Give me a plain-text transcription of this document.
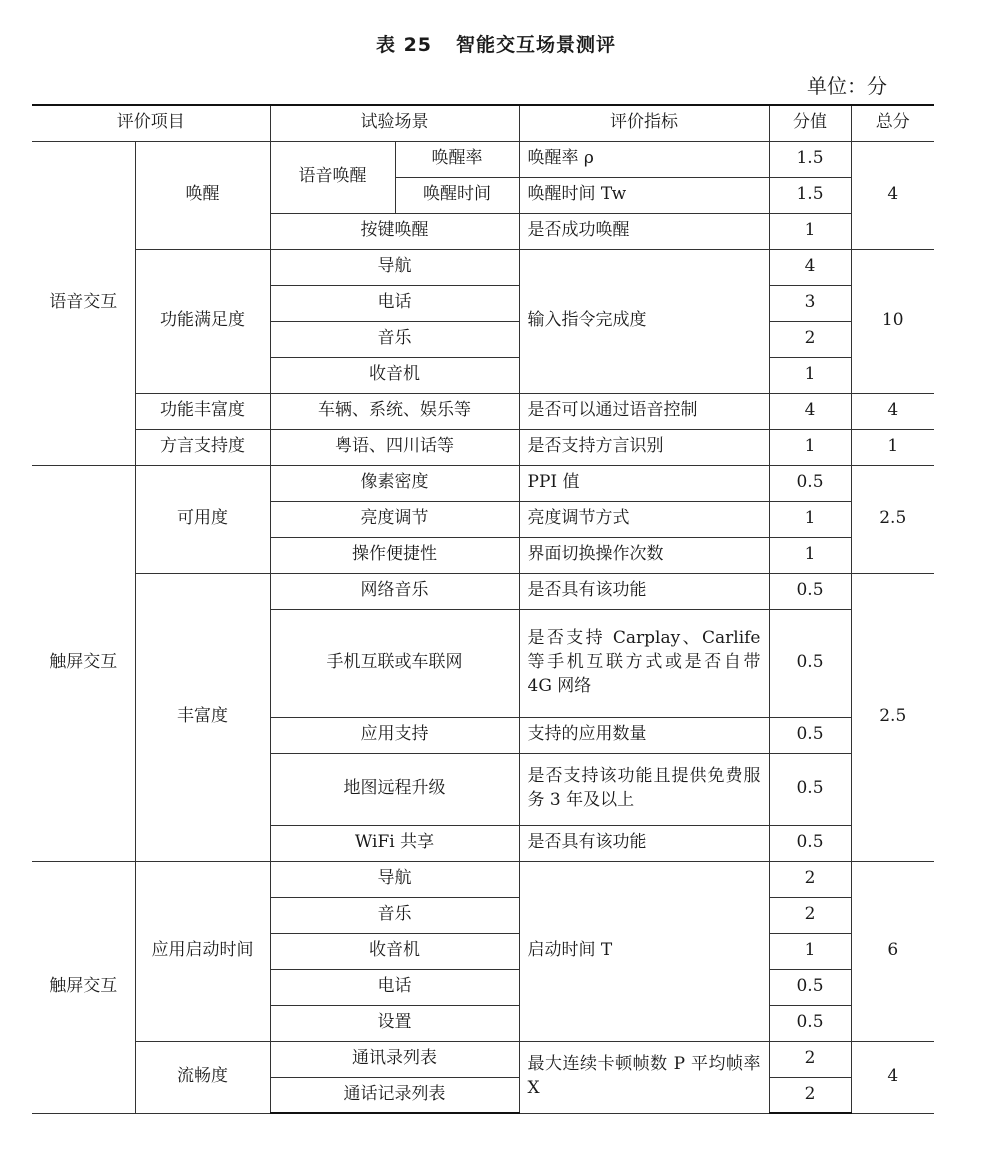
表 25 智能交互场景测评
单位：分
评价项目		试验场景		评价指标	分值	总分
语音交互	唤醒	语音唤醒	唤醒率	唤醒率 ρ	1.5	4
			唤醒时间	唤醒时间 Tw	1.5	
		按键唤醒		是否成功唤醒	1	
	功能满足度	导航		输入指令完成度	4	10
		电话			3	
		音乐			2	
		收音机			1	
	功能丰富度	车辆、系统、娱乐等		是否可以通过语音控制	4	4
	方言支持度	粤语、四川话等		是否支持方言识别	1	1
触屏交互	可用度	像素密度		PPI 值	0.5	2.5
		亮度调节		亮度调节方式	1	
		操作便捷性		界面切换操作次数	1	
	丰富度	网络音乐		是否具有该功能	0.5	2.5
		手机互联或车联网		是否支持 Carplay、Carlife 等手机互联方式或是否自带 4G 网络	0.5	
		应用支持		支持的应用数量	0.5	
		地图远程升级		是否支持该功能且提供免费服务 3 年及以上	0.5	
		WiFi 共享		是否具有该功能	0.5	
触屏交互	应用启动时间	导航		启动时间 T	2	6
		音乐			2	
		收音机			1	
		电话			0.5	
		设置			0.5	
	流畅度	通讯录列表		最大连续卡顿帧数 P 平均帧率 X	2	4
		通话记录列表			2	
